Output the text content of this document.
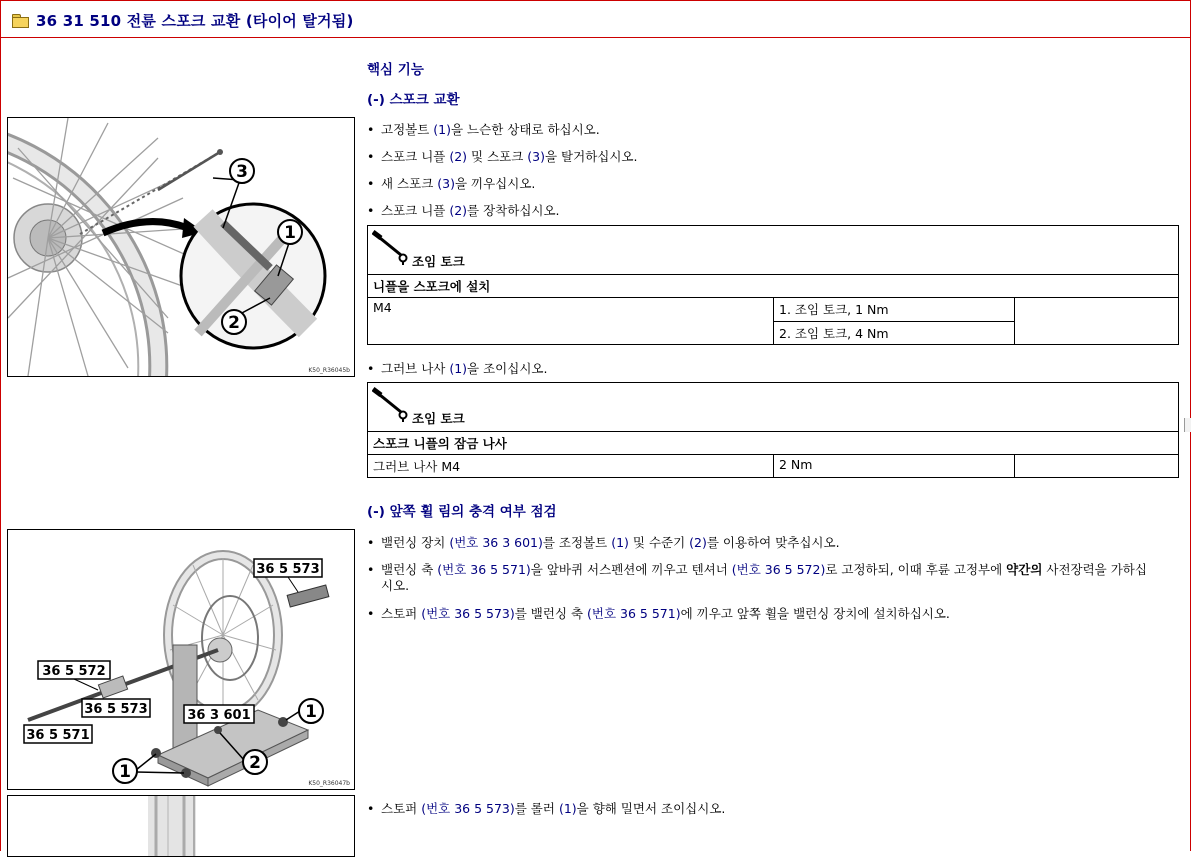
36 31 510 전륜 스포크 교환 (타이어 탈거됨)
3
1
2
K50_R36045b
36 5 573
36 5 572
36 5 573
36 5 571
36 3 601	1
2
1
K50_R36047b
핵심 기능
(-) 스포크 교환
• 고정볼트 (1)을 느슨한 상태로 하십시오.
• 스포크 니플 (2) 및 스포크 (3)을 탈거하십시오.
• 새 스포크 (3)을 끼우십시오.
• 스포크 니플 (2)를 장착하십시오.
조임 토크

니플을 스포크에 설치
M4	1. 조임 토크, 1 Nm	
2. 조임 토크, 4 Nm
• 그러브 나사 (1)을 조이십시오.
조임 토크

스포크 니플의 잠금 나사
그러브 나사 M4	2 Nm	
(-) 앞쪽 휠 림의 충격 여부 점검
• 밸런싱 장치 (번호 36 3 601)를 조정볼트 (1) 및 수준기 (2)를 이용하여 맞추십시오.
• 밸런싱 축 (번호 36 5 571)을 앞바퀴 서스펜션에 끼우고 텐셔너 (번호 36 5 572)로 고정하되, 이때 후륜 고정부에 약간의 사전장력을 가하십
시오.
• 스토퍼 (번호 36 5 573)를 밸런싱 축 (번호 36 5 571)에 끼우고 앞쪽 휠을 밸런싱 장치에 설치하십시오.
• 스토퍼 (번호 36 5 573)를 롤러 (1)을 향해 밀면서 조이십시오.
